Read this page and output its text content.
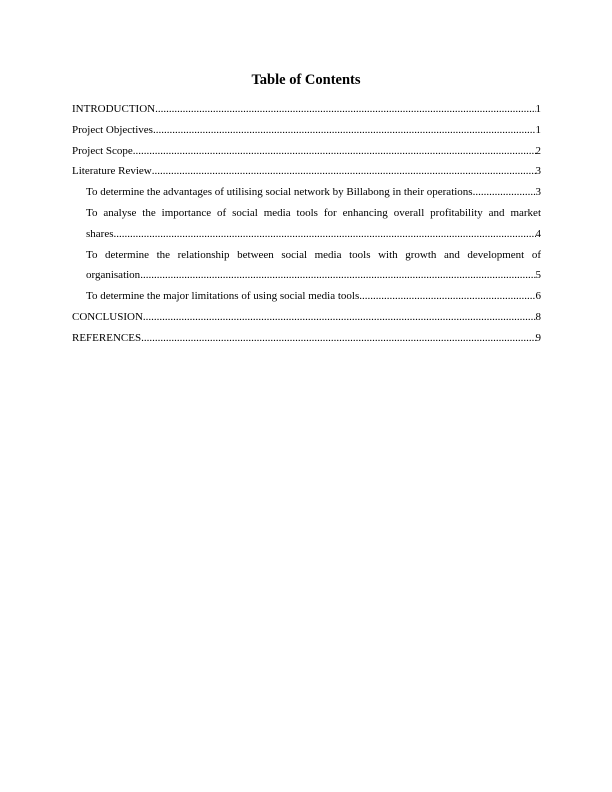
Table of Contents
INTRODUCTION .....	1
Project Objectives .....	1
Project Scope .....	2
Literature Review .....	3
To determine the advantages of utilising social network by Billabong in their operations .....	3
To analyse the importance of social media tools for enhancing overall profitability and market
shares .....	4
To determine the relationship between social media tools with growth and development of
organisation .....	5
To determine the major limitations of using social media tools .....	6
CONCLUSION .....	8
REFERENCES .....	9
